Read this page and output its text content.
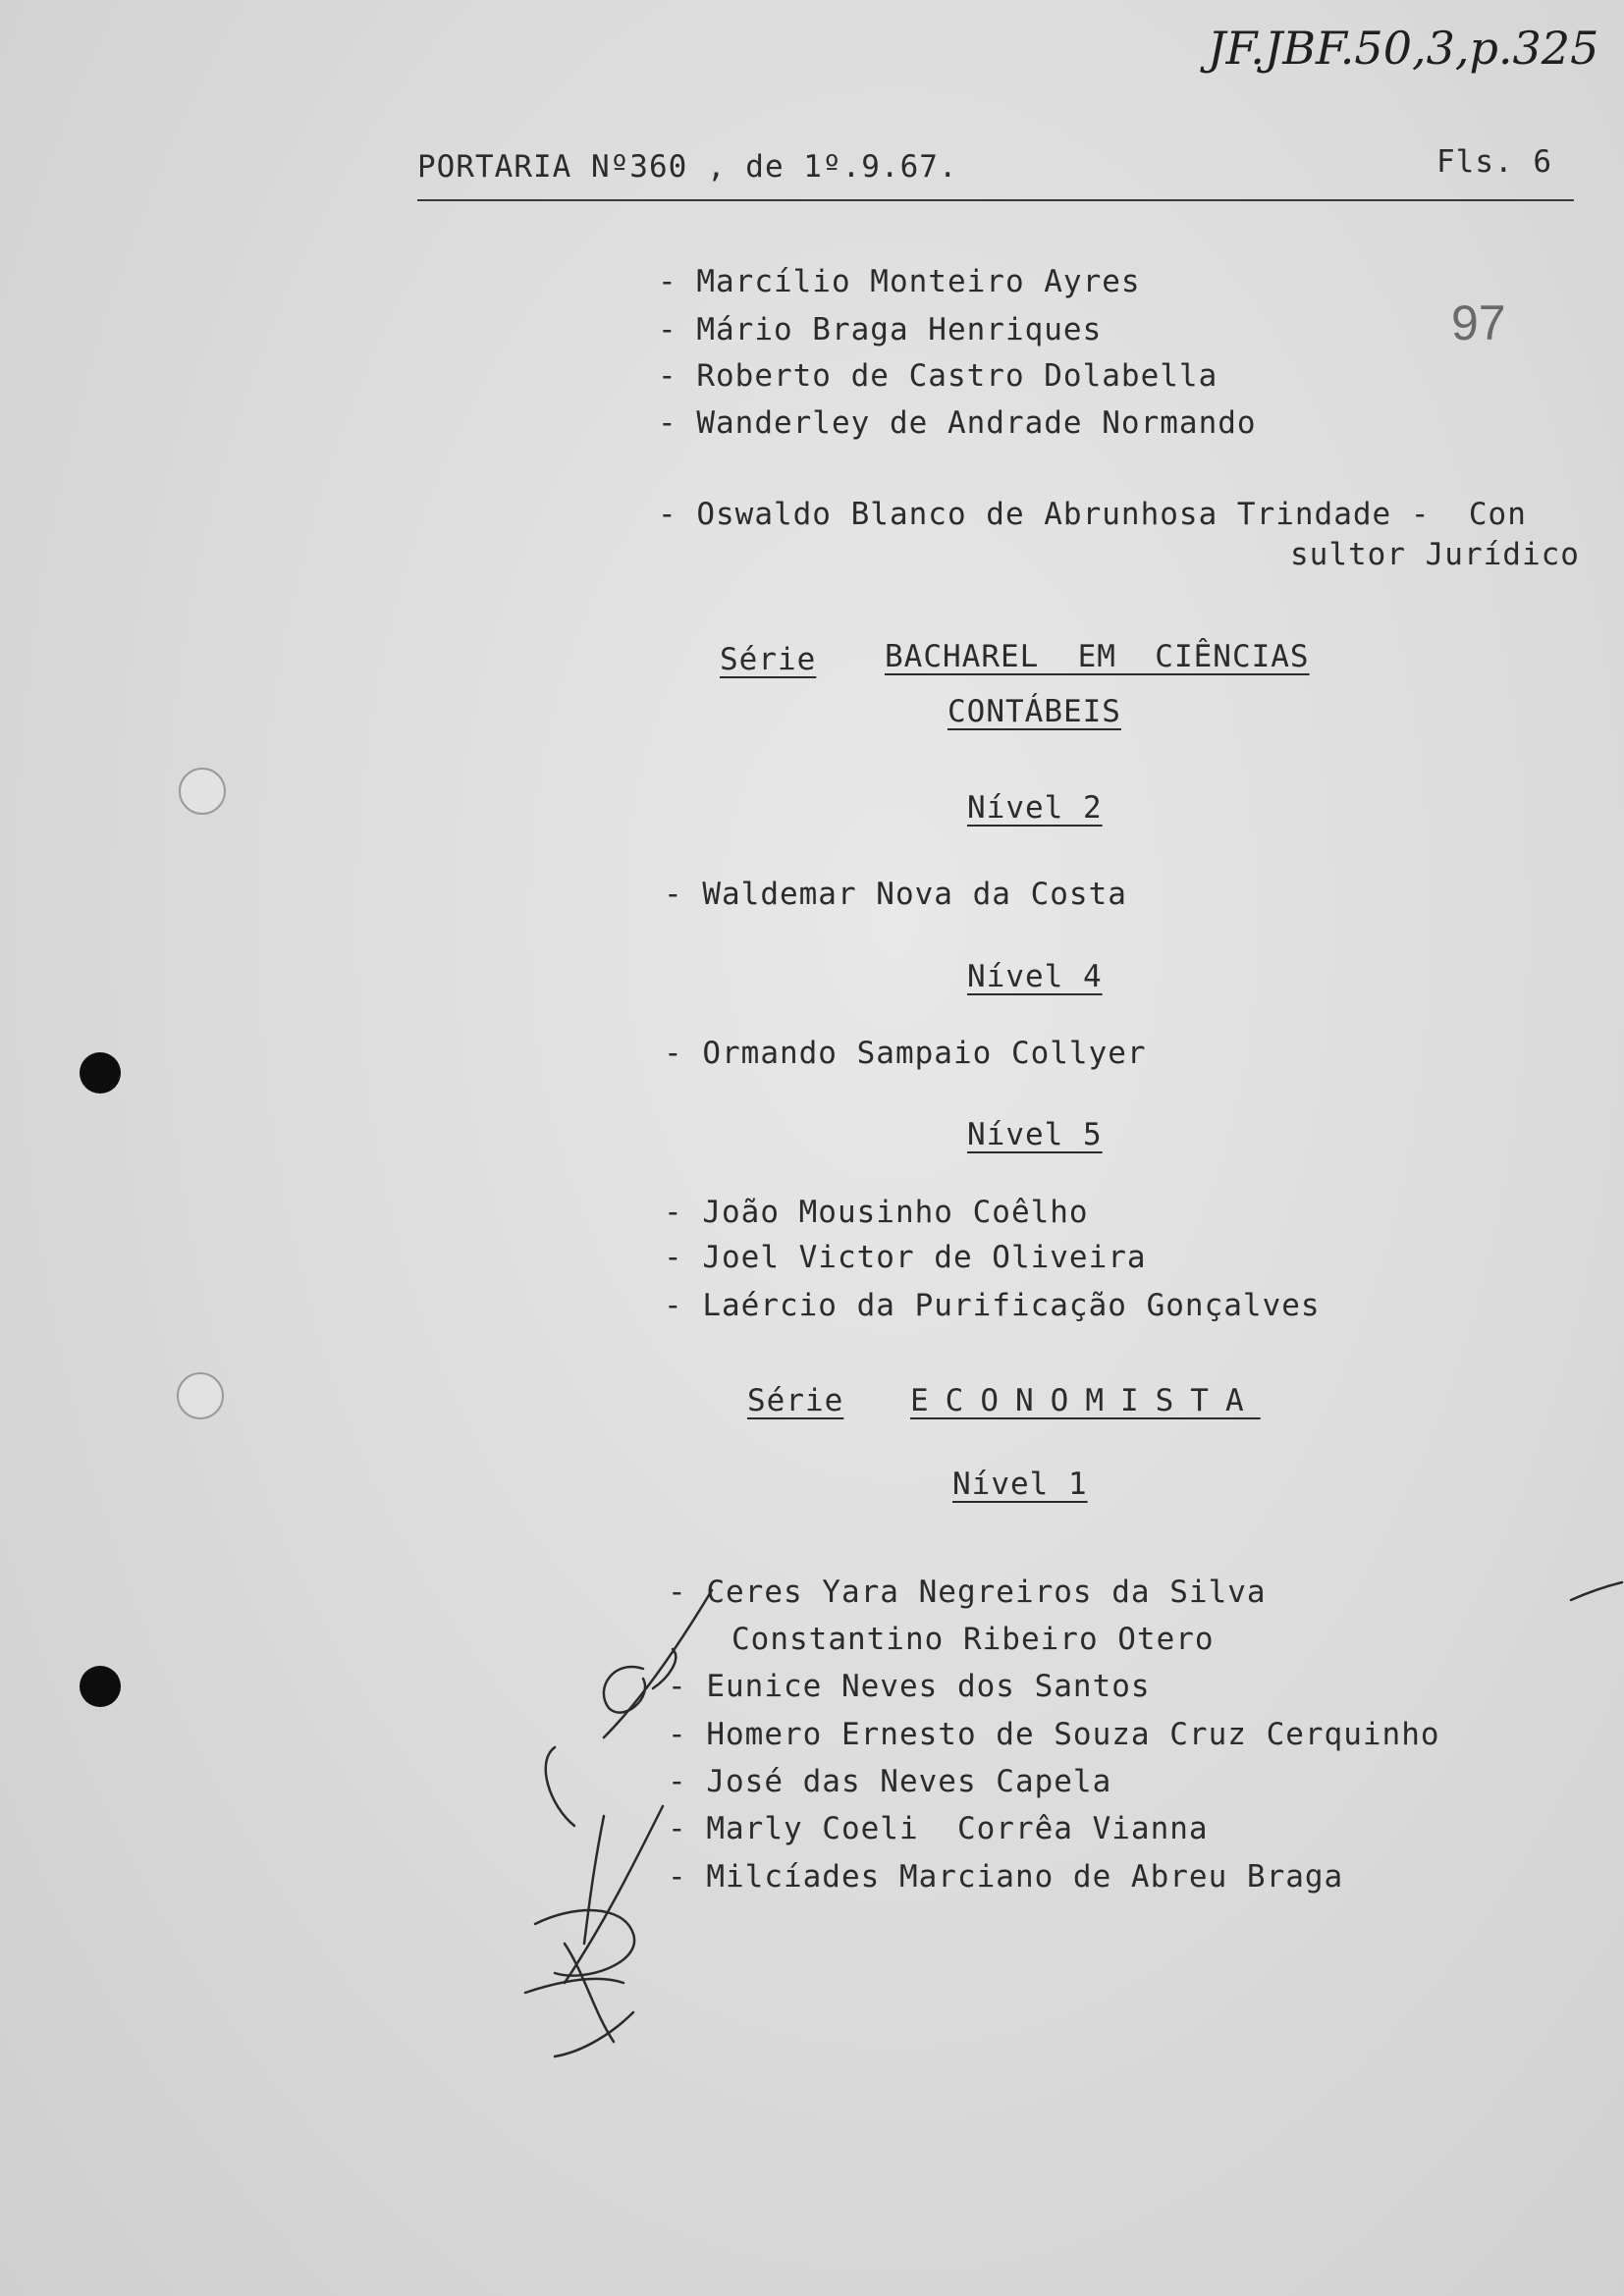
JF.JBF.50,3,p.325
97
PORTARIA Nº360 , de 1º.9.67.	Fls. 6
- Marcílio Monteiro Ayres
- Mário Braga Henriques
- Roberto de Castro Dolabella
- Wanderley de Andrade Normando
- Oswaldo Blanco de Abrunhosa Trindade -  Con
sultor Jurídico
Série BACHAREL  EM  CIÊNCIAS
CONTÁBEIS
Nível 2
- Waldemar Nova da Costa
Nível 4
- Ormando Sampaio Collyer
Nível 5
- João Mousinho Coêlho
- Joel Victor de Oliveira
- Laércio da Purificação Gonçalves
Série ECONOMISTA
Nível 1
- Ceres Yara Negreiros da Silva
Constantino Ribeiro Otero
- Eunice Neves dos Santos
- Homero Ernesto de Souza Cruz Cerquinho
- José das Neves Capela
- Marly Coeli  Corrêa Vianna
- Milcíades Marciano de Abreu Braga
